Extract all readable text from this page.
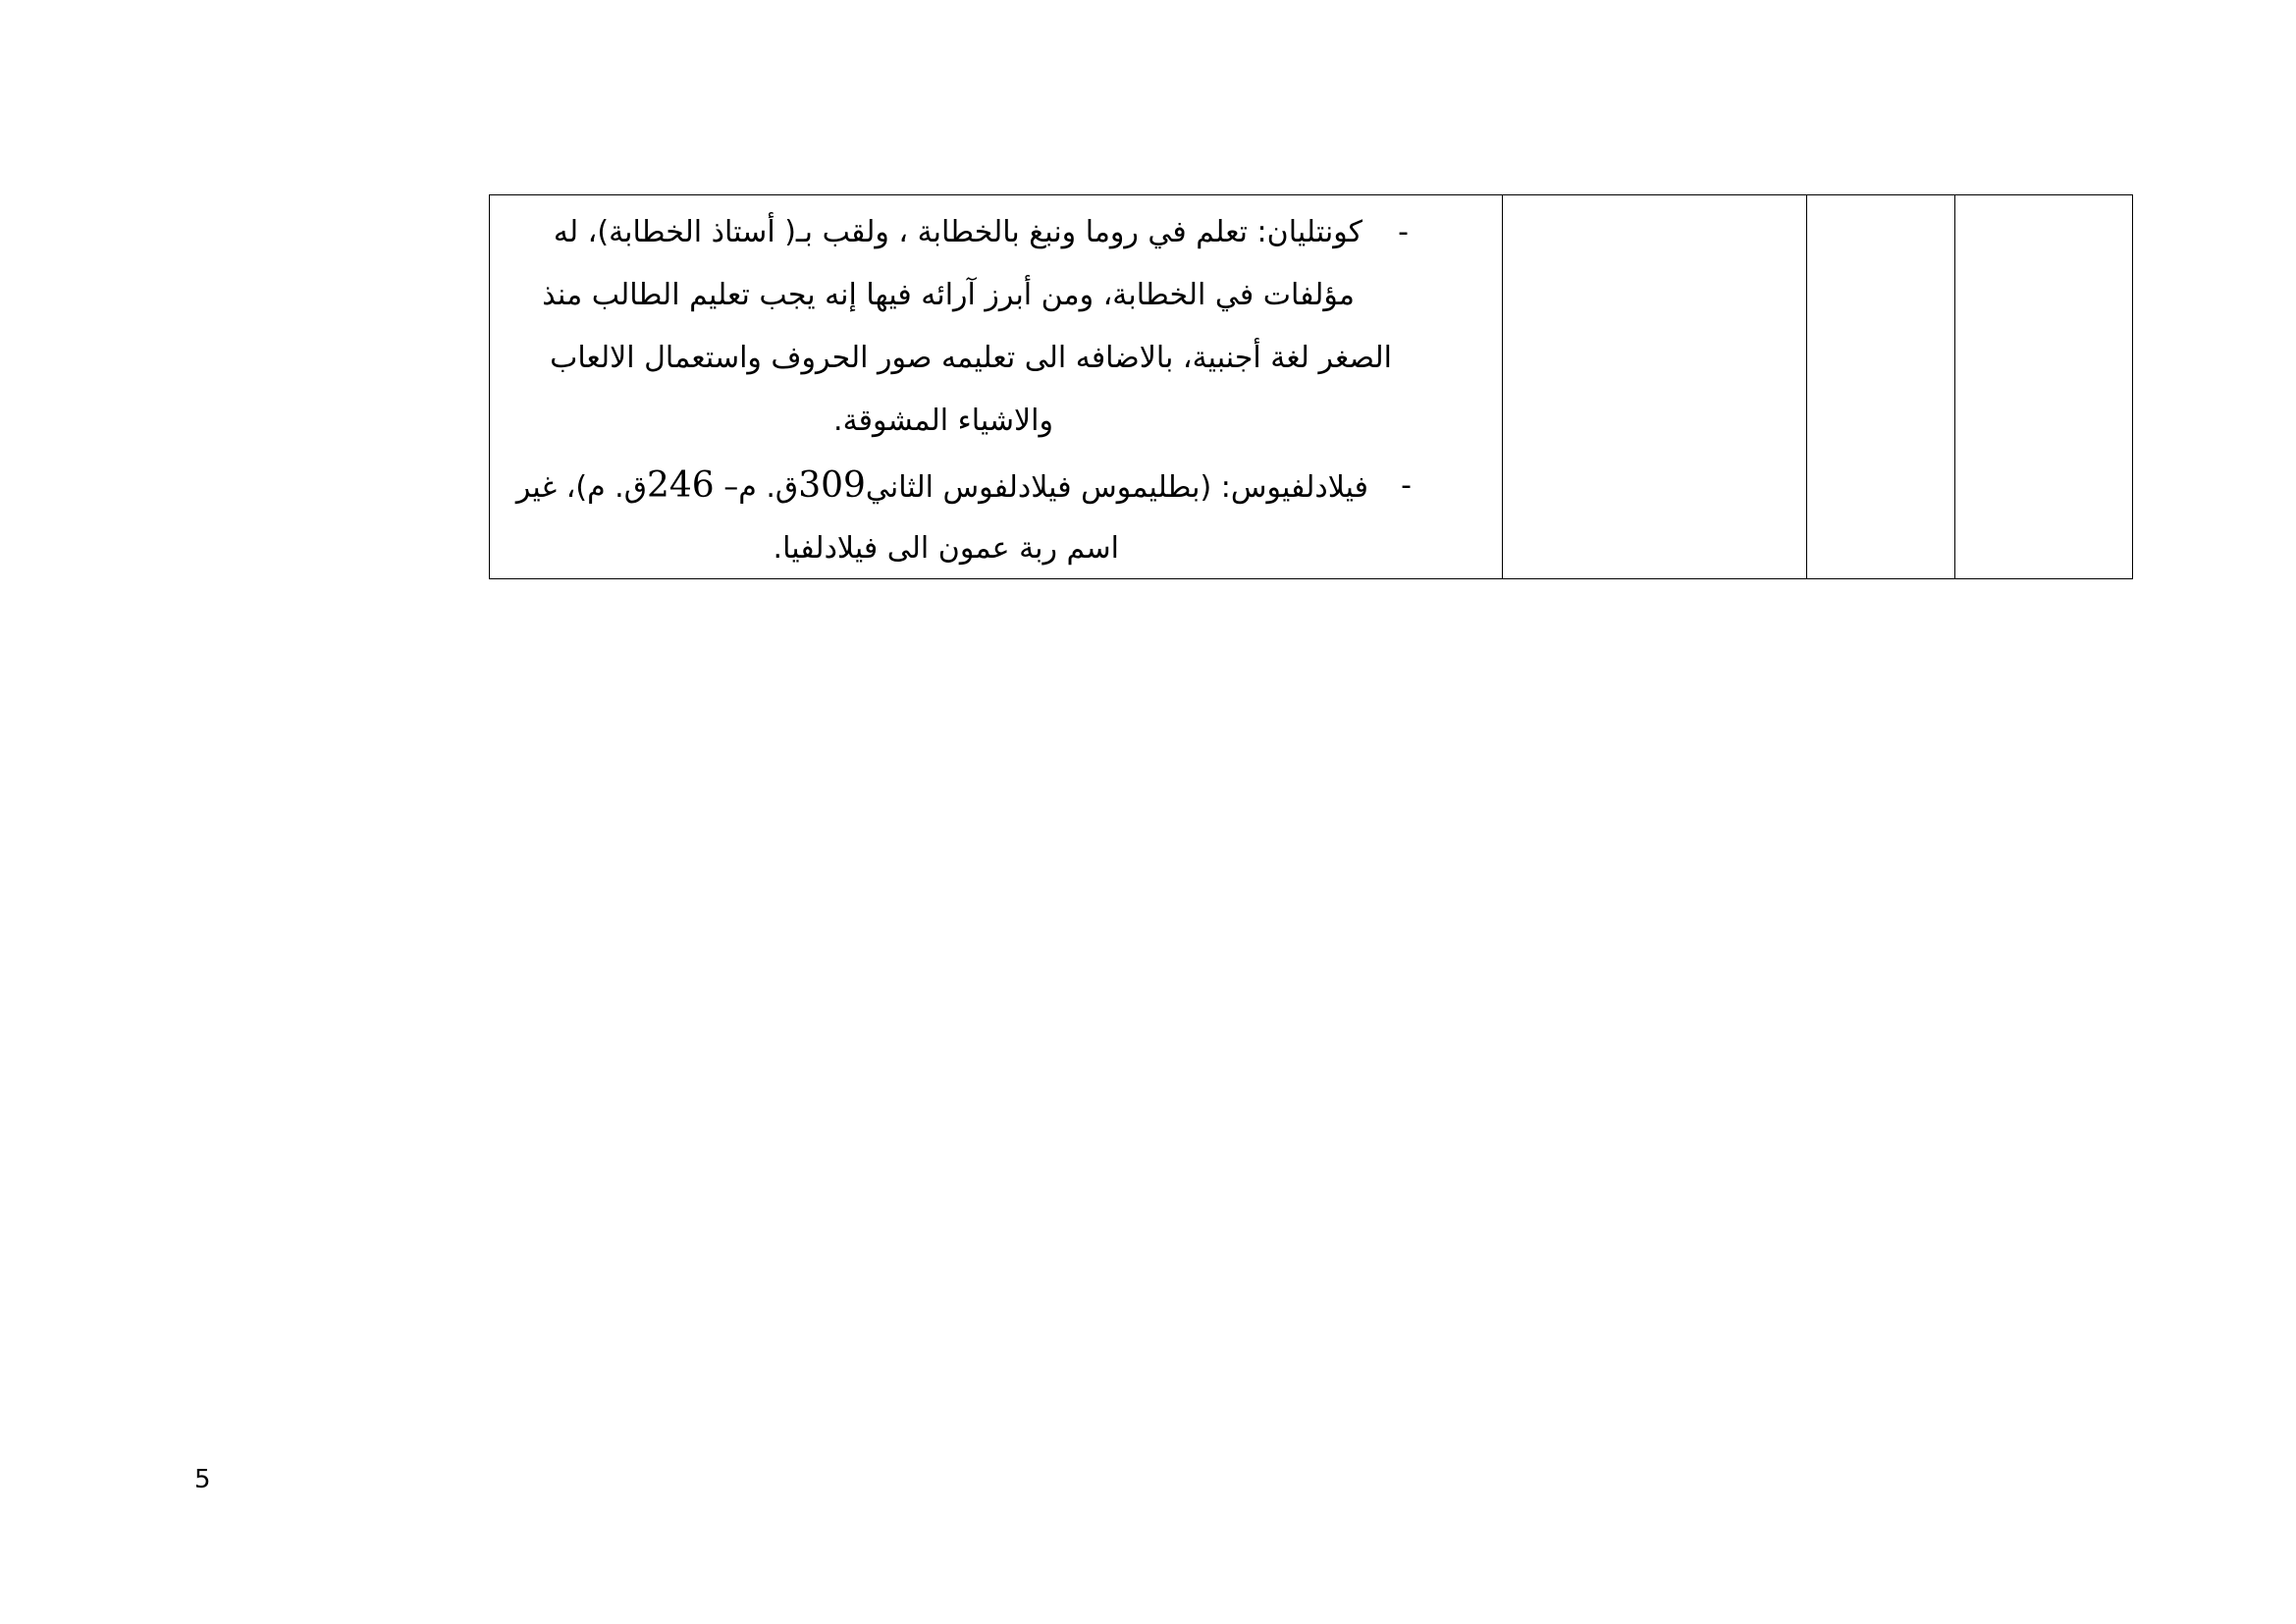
-
كونتليان: تعلم في روما ونبغ بالخطابة ، ولقب بـ( أستاذ الخطابة)، له
مؤلفات في الخطابة، ومن أبرز آرائه فيها إنه يجب تعليم الطالب منذ
الصغر لغة أجنبية، بالاضافه الى تعليمه صور الحروف واستعمال الالعاب
والاشياء المشوقة.
-
فيلادلفيوس: (بطليموس فيلادلفوس الثاني309ق. م– 246ق. م)، غير
اسم ربة عمون الى فيلادلفيا.

5
